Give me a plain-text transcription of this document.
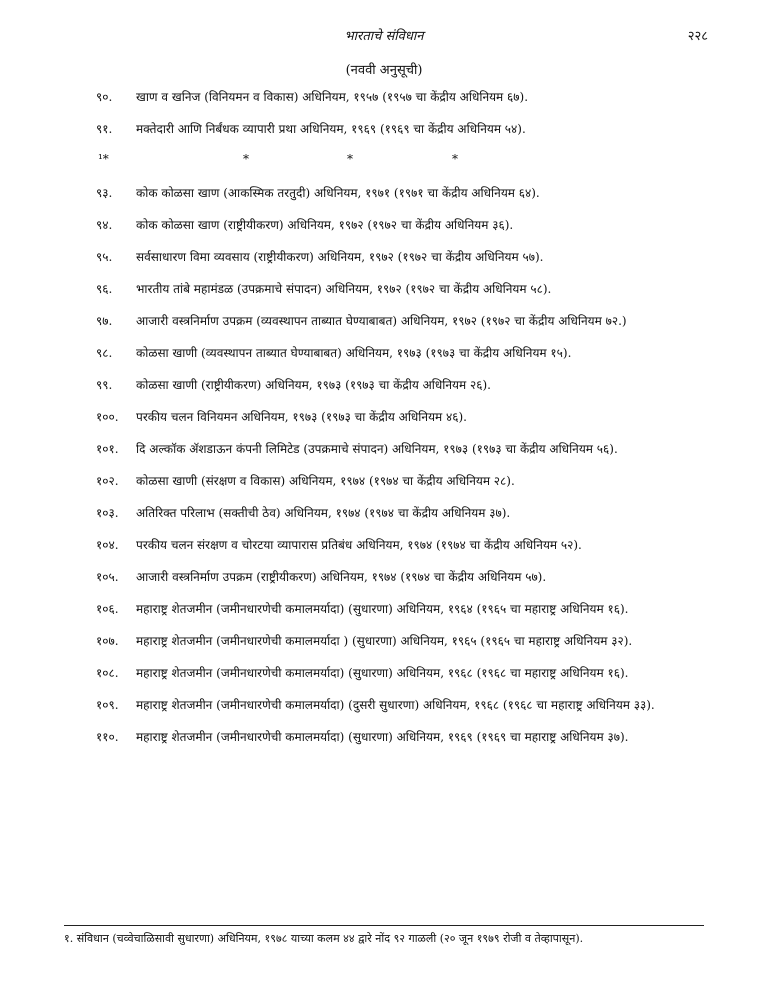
भारताचे संविधान	२२८
(नववी अनुसूची)
९०. खाण व खनिज (विनियमन व विकास) अधिनियम, १९५७ (१९५७ चा केंद्रीय अधिनियम ६७).
९१. मक्तेदारी आणि निर्बंधक व्यापारी प्रथा अधिनियम, १९६९ (१९६९ चा केंद्रीय अधिनियम ५४).
¹*	*	*	*
९३. कोक कोळसा खाण (आकस्मिक तरतुदी) अधिनियम, १९७१ (१९७१ चा केंद्रीय अधिनियम ६४).
९४. कोक कोळसा खाण (राष्ट्रीयीकरण) अधिनियम, १९७२ (१९७२ चा केंद्रीय अधिनियम ३६).
९५. सर्वसाधारण विमा व्यवसाय (राष्ट्रीयीकरण) अधिनियम, १९७२ (१९७२ चा केंद्रीय अधिनियम ५७).
९६. भारतीय तांबे महामंडळ (उपक्रमाचे संपादन) अधिनियम, १९७२ (१९७२ चा केंद्रीय अधिनियम ५८).
९७. आजारी वस्त्रनिर्माण उपक्रम (व्यवस्थापन ताब्यात घेण्याबाबत) अधिनियम, १९७२ (१९७२ चा केंद्रीय अधिनियम ७२.)
९८. कोळसा खाणी (व्यवस्थापन ताब्यात घेण्याबाबत) अधिनियम, १९७३ (१९७३ चा केंद्रीय अधिनियम १५).
९९. कोळसा खाणी (राष्ट्रीयीकरण) अधिनियम, १९७३ (१९७३ चा केंद्रीय अधिनियम २६).
१००. परकीय चलन विनियमन अधिनियम, १९७३ (१९७३ चा केंद्रीय अधिनियम ४६).
१०१. दि अल्कॉक ॲशडाऊन कंपनी लिमिटेड (उपक्रमाचे संपादन) अधिनियम, १९७३ (१९७३ चा केंद्रीय अधिनियम ५६).
१०२. कोळसा खाणी (संरक्षण व विकास) अधिनियम, १९७४ (१९७४ चा केंद्रीय अधिनियम २८).
१०३. अतिरिक्त परिलाभ (सक्तीची ठेव) अधिनियम, १९७४ (१९७४ चा केंद्रीय अधिनियम ३७).
१०४. परकीय चलन संरक्षण व चोरटया व्यापारास प्रतिबंध अधिनियम, १९७४ (१९७४ चा केंद्रीय अधिनियम ५२).
१०५. आजारी वस्त्रनिर्माण उपक्रम (राष्ट्रीयीकरण) अधिनियम, १९७४ (१९७४ चा केंद्रीय अधिनियम ५७).
१०६. महाराष्ट्र शेतजमीन (जमीनधारणेची कमालमर्यादा) (सुधारणा) अधिनियम, १९६४ (१९६५ चा महाराष्ट्र अधिनियम १६).
१०७. महाराष्ट्र शेतजमीन (जमीनधारणेची कमालमर्यादा ) (सुधारणा) अधिनियम, १९६५ (१९६५ चा महाराष्ट्र अधिनियम ३२).
१०८. महाराष्ट्र शेतजमीन (जमीनधारणेची कमालमर्यादा) (सुधारणा) अधिनियम, १९६८ (१९६८ चा महाराष्ट्र अधिनियम १६).
१०९. महाराष्ट्र शेतजमीन (जमीनधारणेची कमालमर्यादा) (दुसरी सुधारणा) अधिनियम, १९६८ (१९६८ चा महाराष्ट्र अधिनियम ३३).
११०. महाराष्ट्र शेतजमीन (जमीनधारणेची कमालमर्यादा) (सुधारणा) अधिनियम, १९६९ (१९६९ चा महाराष्ट्र अधिनियम ३७).
१. संविधान (चव्वेचाळिसावी सुधारणा) अधिनियम, १९७८ याच्या कलम ४४ द्वारे नोंद ९२ गाळली (२० जून १९७९ रोजी व तेव्हापासून).
